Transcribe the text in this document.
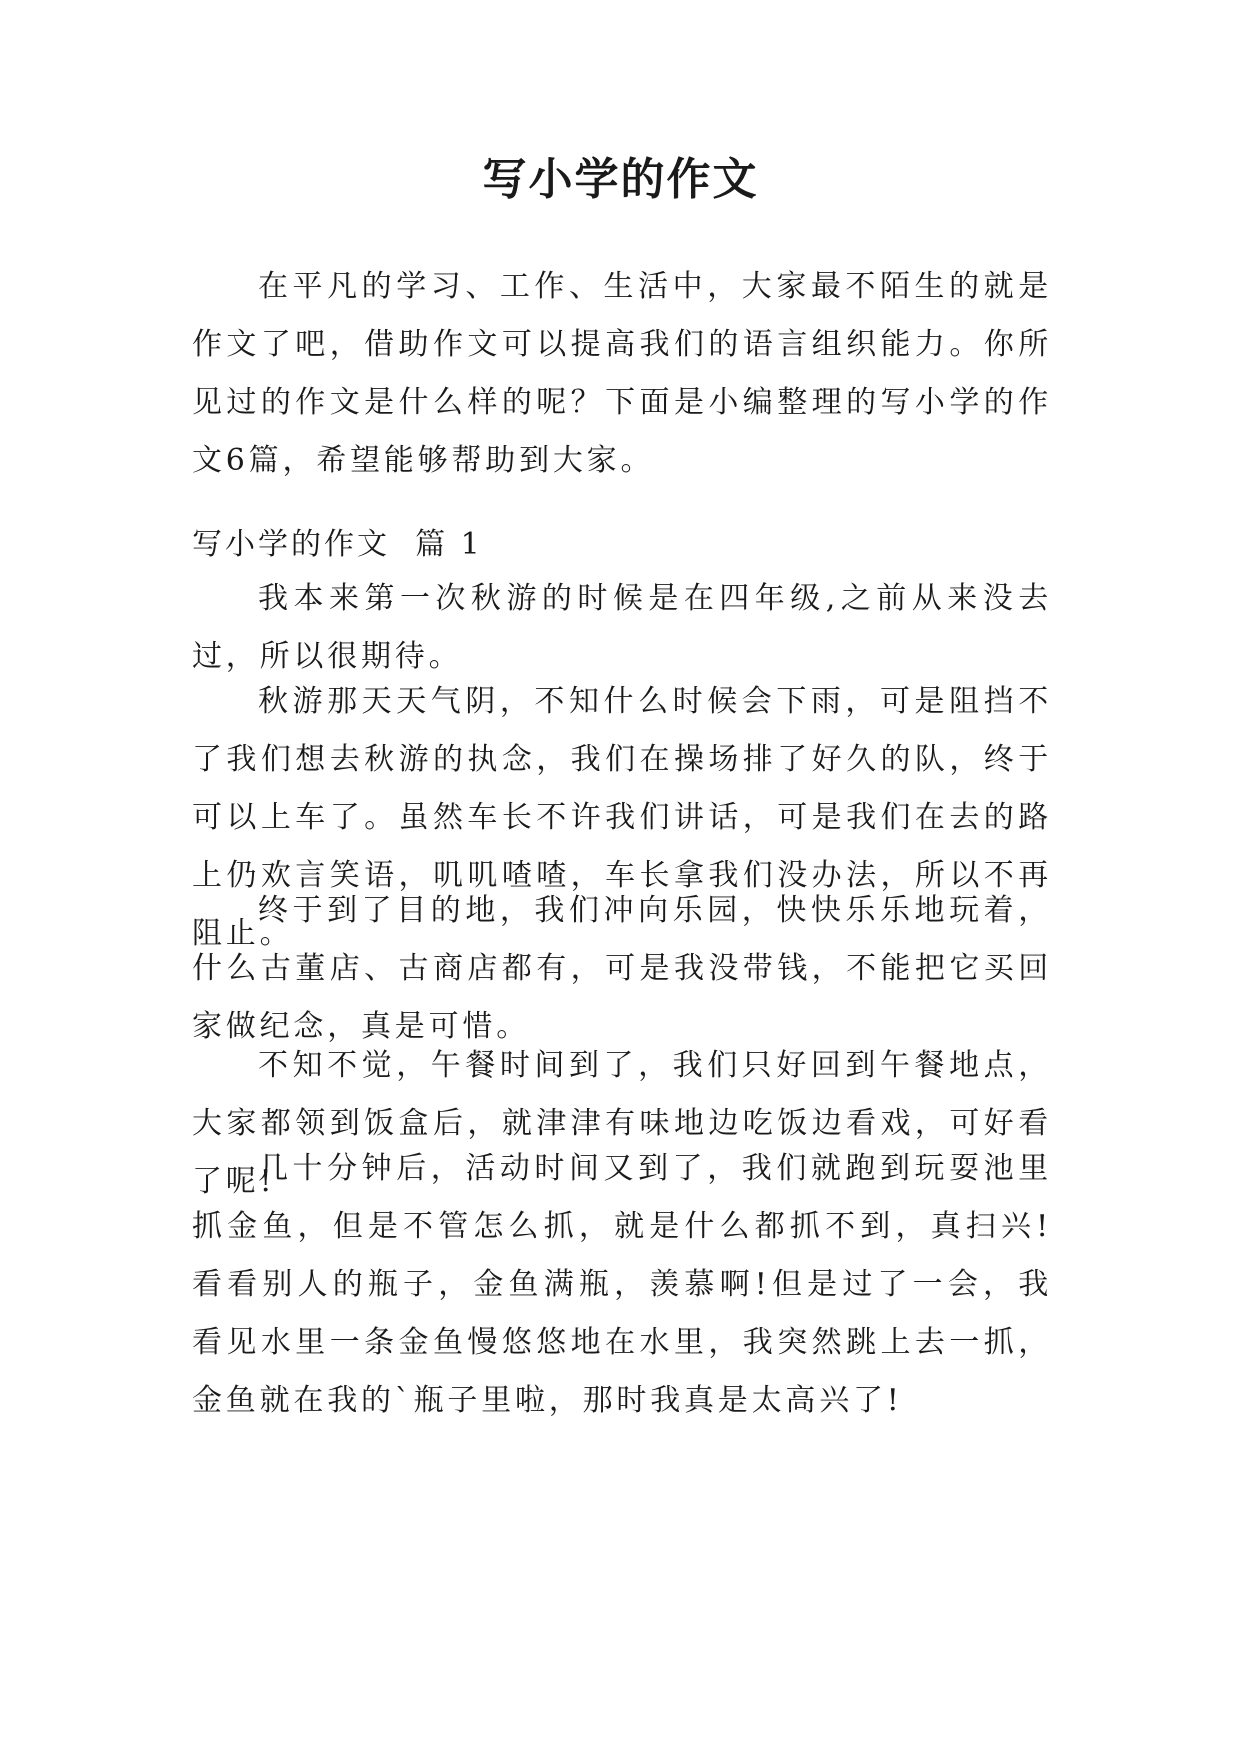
写小学的作文

在平凡的学习、工作、生活中，大家最不陌生的就是作文了吧，借助作文可以提高我们的语言组织能力。你所见过的作文是什么样的呢？下面是小编整理的写小学的作文6篇，希望能够帮助到大家。

写小学的作文  篇 1

我本来第一次秋游的时候是在四年级,之前从来没去过，所以很期待。

秋游那天天气阴，不知什么时候会下雨，可是阻挡不了我们想去秋游的执念，我们在操场排了好久的队，终于可以上车了。虽然车长不许我们讲话，可是我们在去的路上仍欢言笑语，叽叽喳喳，车长拿我们没办法，所以不再阻止。

终于到了目的地，我们冲向乐园，快快乐乐地玩着，什么古董店、古商店都有，可是我没带钱，不能把它买回家做纪念，真是可惜。

不知不觉，午餐时间到了，我们只好回到午餐地点，大家都领到饭盒后，就津津有味地边吃饭边看戏，可好看了呢!

几十分钟后，活动时间又到了，我们就跑到玩耍池里抓金鱼，但是不管怎么抓，就是什么都抓不到，真扫兴!看看别人的瓶子，金鱼满瓶，羡慕啊!但是过了一会，我看见水里一条金鱼慢悠悠地在水里，我突然跳上去一抓，金鱼就在我的`瓶子里啦，那时我真是太高兴了!
